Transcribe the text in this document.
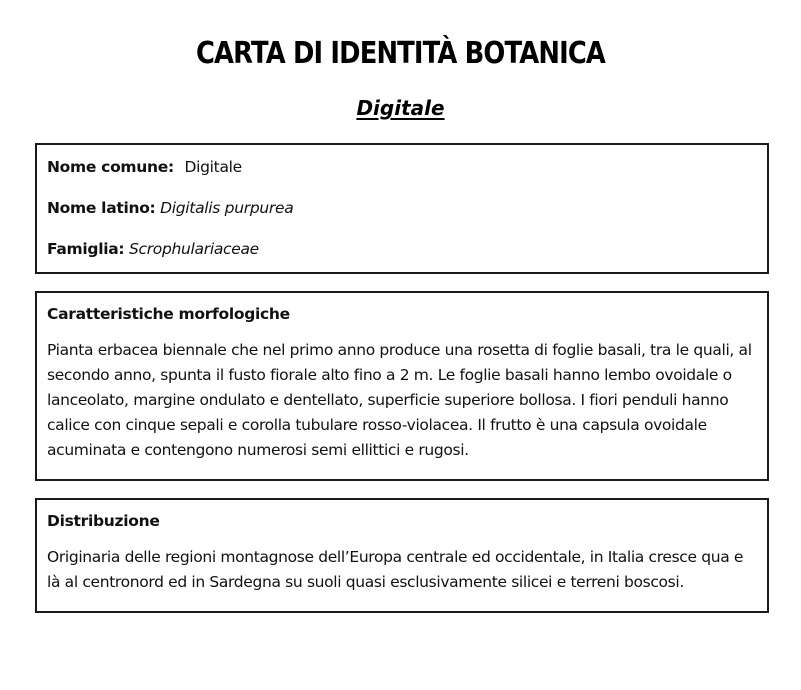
CARTA DI IDENTITÀ BOTANICA
Digitale
Nome comune: Digitale
Nome latino: Digitalis purpurea
Famiglia: Scrophulariaceae
Caratteristiche morfologiche

Pianta erbacea biennale che nel primo anno produce una rosetta di foglie basali, tra le quali, al secondo anno, spunta il fusto fiorale alto fino a 2 m. Le foglie basali hanno lembo ovoidale o lanceolato, margine ondulato e dentellato, superficie superiore bollosa. I fiori penduli hanno calice con cinque sepali e corolla tubulare rosso-violacea. Il frutto è una capsula ovoidale acuminata e contengono numerosi semi ellittici e rugosi.

Distribuzione

Originaria delle regioni montagnose dell’Europa centrale ed occidentale, in Italia cresce qua e là al centronord ed in Sardegna su suoli quasi esclusivamente silicei e terreni boscosi.
